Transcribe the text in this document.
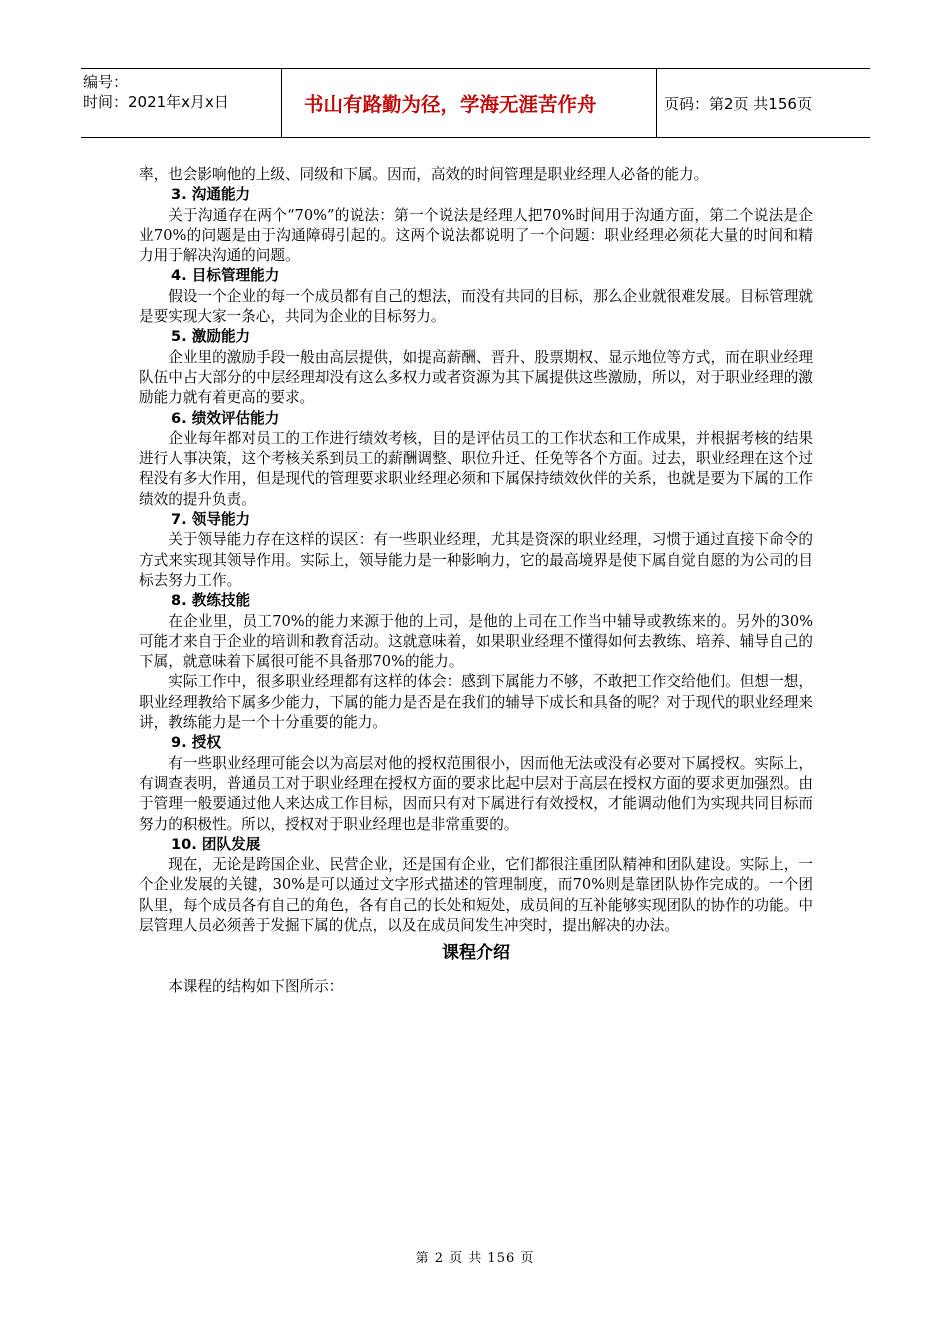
编号：
时间：2021年x月x日	书山有路勤为径，学海无涯苦作舟	页码：第2页 共156页

率，也会影响他的上级、同级和下属。因而，高效的时间管理是职业经理人必备的能力。

3. 沟通能力

关于沟通存在两个“70%”的说法：第一个说法是经理人把70%时间用于沟通方面，第二个说法是企业70%的问题是由于沟通障碍引起的。这两个说法都说明了一个问题：职业经理必须花大量的时间和精力用于解决沟通的问题。

4. 目标管理能力

假设一个企业的每一个成员都有自己的想法，而没有共同的目标，那么企业就很难发展。目标管理就是要实现大家一条心，共同为企业的目标努力。

5. 激励能力

企业里的激励手段一般由高层提供，如提高薪酬、晋升、股票期权、显示地位等方式，而在职业经理队伍中占大部分的中层经理却没有这么多权力或者资源为其下属提供这些激励，所以，对于职业经理的激励能力就有着更高的要求。

6. 绩效评估能力

企业每年都对员工的工作进行绩效考核，目的是评估员工的工作状态和工作成果，并根据考核的结果进行人事决策，这个考核关系到员工的薪酬调整、职位升迁、任免等各个方面。过去，职业经理在这个过程没有多大作用，但是现代的管理要求职业经理必须和下属保持绩效伙伴的关系，也就是要为下属的工作绩效的提升负责。

7. 领导能力

关于领导能力存在这样的误区：有一些职业经理，尤其是资深的职业经理，习惯于通过直接下命令的方式来实现其领导作用。实际上，领导能力是一种影响力，它的最高境界是使下属自觉自愿的为公司的目标去努力工作。

8. 教练技能

在企业里，员工70%的能力来源于他的上司，是他的上司在工作当中辅导或教练来的。另外的30%可能才来自于企业的培训和教育活动。这就意味着，如果职业经理不懂得如何去教练、培养、辅导自己的下属，就意味着下属很可能不具备那70%的能力。

实际工作中，很多职业经理都有这样的体会：感到下属能力不够，不敢把工作交给他们。但想一想，职业经理教给下属多少能力，下属的能力是否是在我们的辅导下成长和具备的呢？对于现代的职业经理来讲，教练能力是一个十分重要的能力。

9. 授权

有一些职业经理可能会以为高层对他的授权范围很小，因而他无法或没有必要对下属授权。实际上，有调查表明，普通员工对于职业经理在授权方面的要求比起中层对于高层在授权方面的要求更加强烈。由于管理一般要通过他人来达成工作目标，因而只有对下属进行有效授权，才能调动他们为实现共同目标而努力的积极性。所以，授权对于职业经理也是非常重要的。

10. 团队发展

现在，无论是跨国企业、民营企业，还是国有企业，它们都很注重团队精神和团队建设。实际上，一个企业发展的关键，30%是可以通过文字形式描述的管理制度，而70%则是靠团队协作完成的。一个团队里，每个成员各有自己的角色，各有自己的长处和短处，成员间的互补能够实现团队的协作的功能。中层管理人员必须善于发掘下属的优点，以及在成员间发生冲突时，提出解决的办法。

课程介绍

本课程的结构如下图所示：

第 2 页 共 156 页
